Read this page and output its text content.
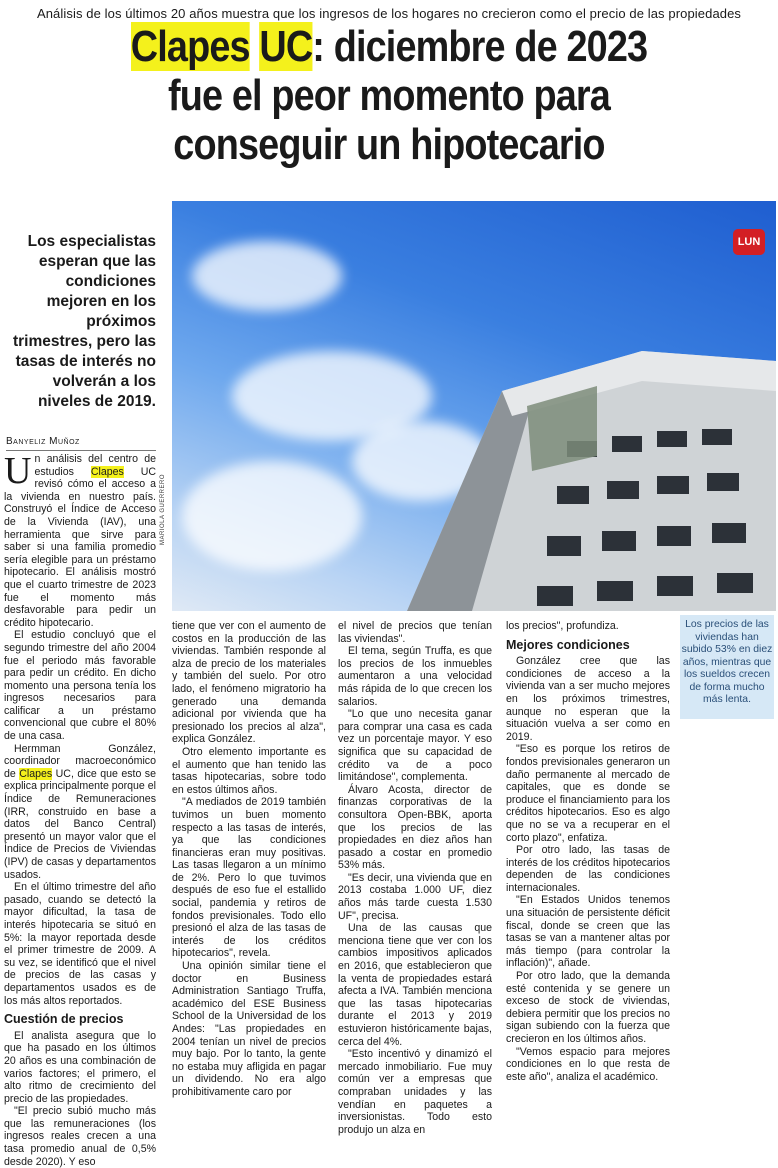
Análisis de los últimos 20 años muestra que los ingresos de los hogares no crecieron como el precio de las propiedades
Clapes UC: diciembre de 2023
fue el peor momento para
conseguir un hipotecario
Los especialistas esperan que las condiciones mejoren en los próximos trimestres, pero las tasas de interés no volverán a los niveles de 2019.
Banyeliz Muñoz
MARIOLA GUERRERO
LUN

Un análisis del centro de estudios Clapes UC revisó cómo el acceso a la vivienda en nuestro país. Construyó el Índice de Acceso de la Vivienda (IAV), una herramienta que sirve para saber si una familia promedio sería elegible para un préstamo hipotecario. El análisis mostró que el cuarto trimestre de 2023 fue el momento más desfavorable para pedir un crédito hipotecario.

El estudio concluyó que el segundo trimestre del año 2004 fue el periodo más favorable para pedir un crédito. En dicho momento una persona tenía los ingresos necesarios para calificar a un préstamo convencional que cubre el 80% de una casa.

Hermman González, coordinador macroeconómico de Clapes UC, dice que esto se explica principalmente porque el Índice de Remuneraciones (IRR, construido en base a datos del Banco Central) presentó un mayor valor que el Índice de Precios de Viviendas (IPV) de casas y departamentos usados.

En el último trimestre del año pasado, cuando se detectó la mayor dificultad, la tasa de interés hipotecaria se situó en 5%: la mayor reportada desde el primer trimestre de 2009. A su vez, se identificó que el nivel de precios de las casas y departamentos usados es de los más altos reportados.

Cuestión de precios

El analista asegura que lo que ha pasado en los últimos 20 años es una combinación de varios factores; el primero, el alto ritmo de crecimiento del precio de las propiedades.

"El precio subió mucho más que las remuneraciones (los ingresos reales crecen a una tasa promedio anual de 0,5% desde 2020). Y eso

tiene que ver con el aumento de costos en la producción de las viviendas. También responde al alza de precio de los materiales y también del suelo. Por otro lado, el fenómeno migratorio ha generado una demanda adicional por vivienda que ha presionado los precios al alza", explica González.

Otro elemento importante es el aumento que han tenido las tasas hipotecarias, sobre todo en estos últimos años.

"A mediados de 2019 también tuvimos un buen momento respecto a las tasas de interés, ya que las condiciones financieras eran muy positivas. Las tasas llegaron a un mínimo de 2%. Pero lo que tuvimos después de eso fue el estallido social, pandemia y retiros de fondos previsionales. Todo ello presionó el alza de las tasas de interés de los créditos hipotecarios", revela.

Una opinión similar tiene el doctor en Business Administration Santiago Truffa, académico del ESE Business School de la Universidad de los Andes: "Las propiedades en 2004 tenían un nivel de precios muy bajo. Por lo tanto, la gente no estaba muy afligida en pagar un dividendo. No era algo prohibitivamente caro por

el nivel de precios que tenían las viviendas".

El tema, según Truffa, es que los precios de los inmuebles aumentaron a una velocidad más rápida de lo que crecen los salarios.

"Lo que uno necesita ganar para comprar una casa es cada vez un porcentaje mayor. Y eso significa que su capacidad de crédito va de a poco limitándose", complementa.

Álvaro Acosta, director de finanzas corporativas de la consultora Open-BBK, aporta que los precios de las propiedades en diez años han pasado a costar en promedio 53% más.

"Es decir, una vivienda que en 2013 costaba 1.000 UF, diez años más tarde cuesta 1.530 UF", precisa.

Una de las causas que menciona tiene que ver con los cambios impositivos aplicados en 2016, que establecieron que la venta de propiedades estará afecta a IVA. También menciona que las tasas hipotecarias durante el 2013 y 2019 estuvieron históricamente bajas, cerca del 4%.

"Esto incentivó y dinamizó el mercado inmobiliario. Fue muy común ver a empresas que compraban unidades y las vendían en paquetes a inversionistas. Todo esto produjo un alza en

los precios", profundiza.

Mejores condiciones

González cree que las condiciones de acceso a la vivienda van a ser mucho mejores en los próximos trimestres, aunque no esperan que la situación vuelva a ser como en 2019.

"Eso es porque los retiros de fondos previsionales generaron un daño permanente al mercado de capitales, que es donde se produce el financiamiento para los créditos hipotecarios. Eso es algo que no se va a recuperar en el corto plazo", enfatiza.

Por otro lado, las tasas de interés de los créditos hipotecarios dependen de las condiciones internacionales.

"En Estados Unidos tenemos una situación de persistente déficit fiscal, donde se creen que las tasas se van a mantener altas por más tiempo (para controlar la inflación)", añade.

Por otro lado, que la demanda esté contenida y se genere un exceso de stock de viviendas, debiera permitir que los precios no sigan subiendo con la fuerza que crecieron en los últimos años.

"Vemos espacio para mejores condiciones en lo que resta de este año", analiza el académico.

Los precios de las viviendas han subido 53% en diez años, mientras que los sueldos crecen de forma mucho más lenta.
